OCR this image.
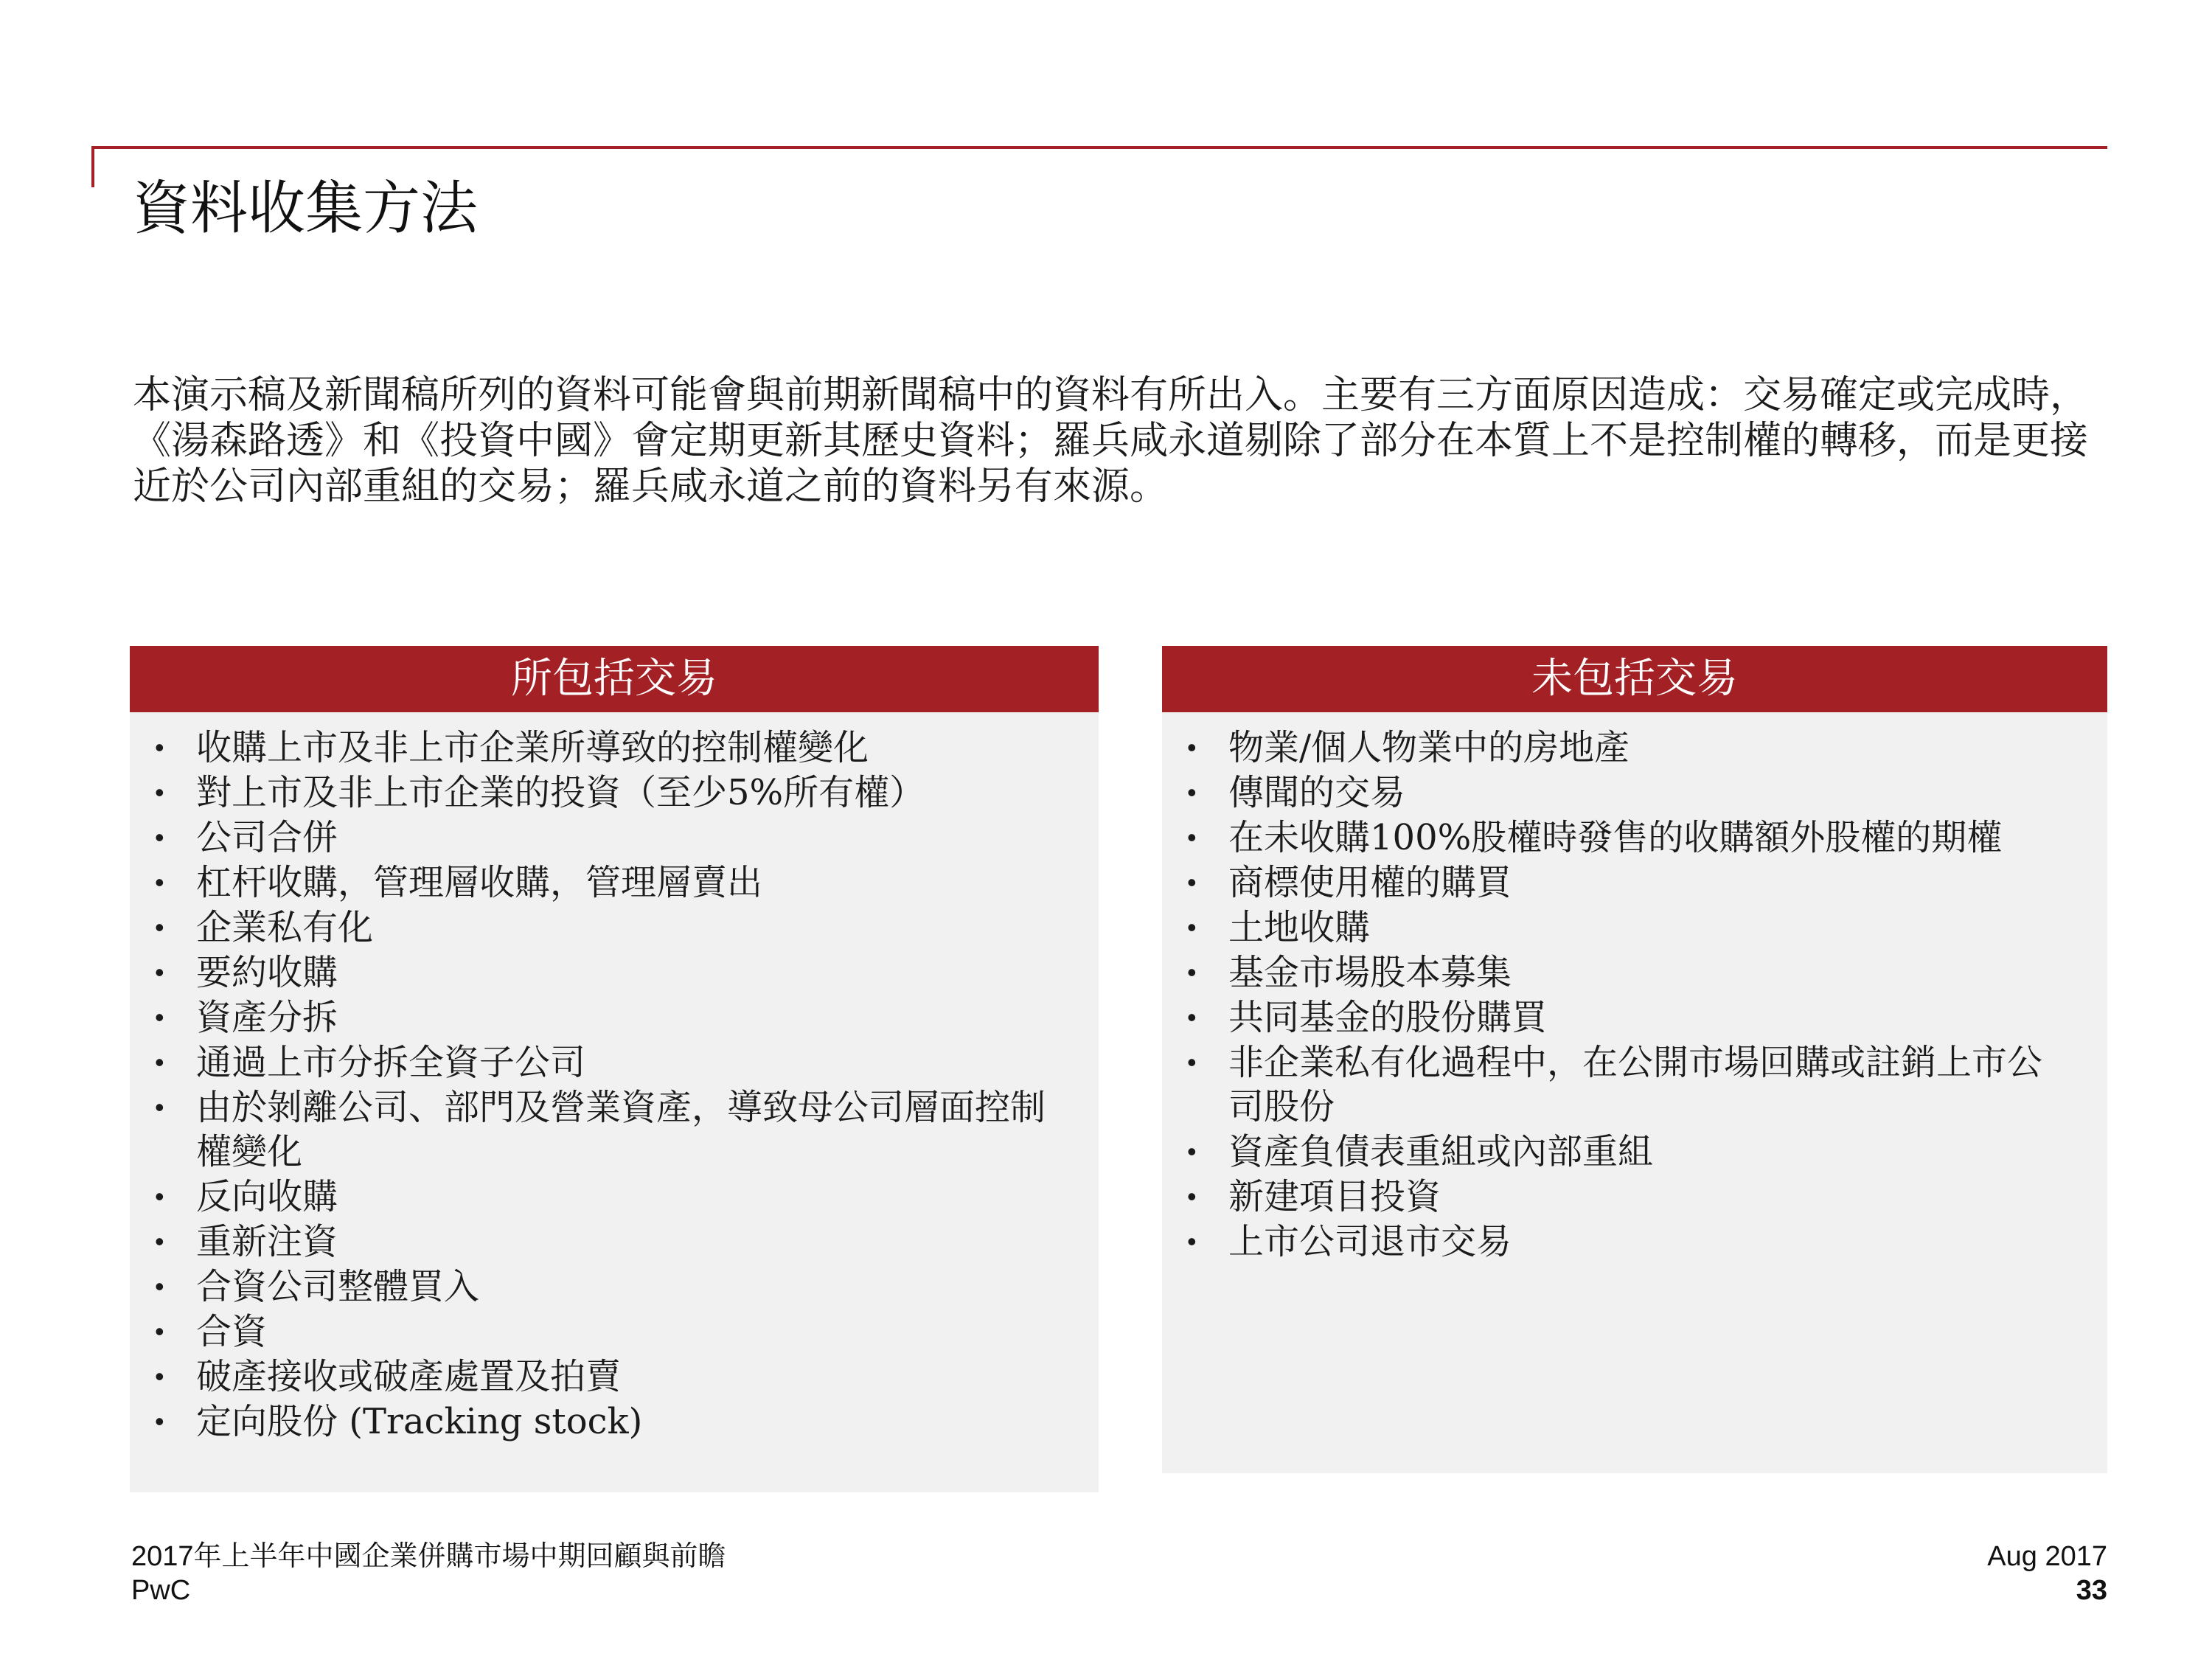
資料收集方法
本演示稿及新聞稿所列的資料可能會與前期新聞稿中的資料有所出入。主要有三方面原因造成：交易確定或完成時，《湯森路透》和《投資中國》會定期更新其歷史資料；羅兵咸永道剔除了部分在本質上不是控制權的轉移，而是更接近於公司內部重組的交易；羅兵咸永道之前的資料另有來源。
所包括交易
• 收購上市及非上市企業所導致的控制權變化
• 對上市及非上市企業的投資（至少5%所有權）
• 公司合併
• 杠杆收購，管理層收購，管理層賣出
• 企業私有化
• 要約收購
• 資產分拆
• 通過上市分拆全資子公司
• 由於剝離公司、部門及營業資產，導致母公司層面控制權變化
• 反向收購
• 重新注資
• 合資公司整體買入
• 合資
• 破產接收或破產處置及拍賣
• 定向股份 (Tracking stock)
未包括交易
• 物業/個人物業中的房地產
• 傳聞的交易
• 在未收購100%股權時發售的收購額外股權的期權
• 商標使用權的購買
• 土地收購
• 基金市場股本募集
• 共同基金的股份購買
• 非企業私有化過程中，在公開市場回購或註銷上市公司股份
• 資產負債表重組或內部重組
• 新建項目投資
• 上市公司退市交易
2017年上半年中國企業併購市場中期回顧與前瞻
PwC
Aug 2017
33
